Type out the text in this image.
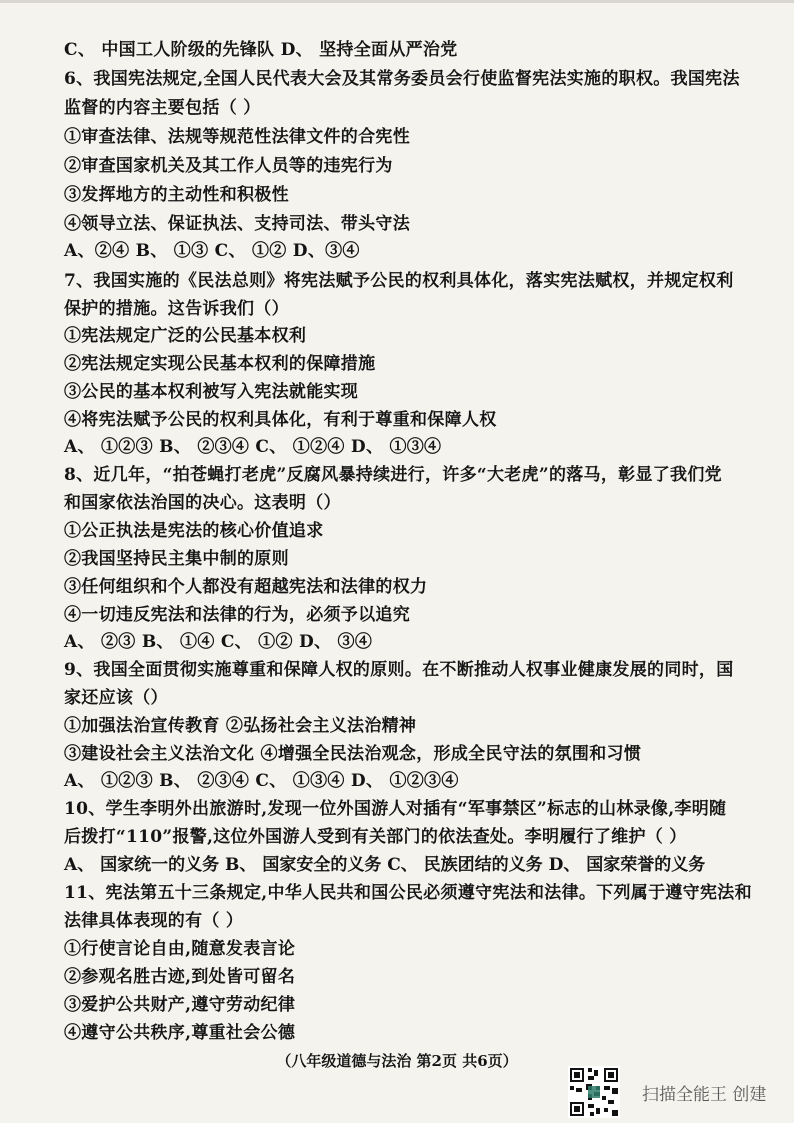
C、 中国工人阶级的先锋队 D、 坚持全面从严治党
6、我国宪法规定,全国人民代表大会及其常务委员会行使监督宪法实施的职权。我国宪法
监督的内容主要包括（ ）
①审查法律、法规等规范性法律文件的合宪性
②审查国家机关及其工作人员等的违宪行为
③发挥地方的主动性和积极性
④领导立法、保证执法、支持司法、带头守法
A、②④ B、 ①③ C、 ①② D、③④
7、我国实施的《民法总则》将宪法赋予公民的权利具体化，落实宪法赋权，并规定权利
保护的措施。这告诉我们（）
①宪法规定广泛的公民基本权利
②宪法规定实现公民基本权利的保障措施
③公民的基本权利被写入宪法就能实现
④将宪法赋予公民的权利具体化，有利于尊重和保障人权
A、 ①②③ B、 ②③④ C、 ①②④ D、 ①③④
8、近几年，“拍苍蝇打老虎”反腐风暴持续进行，许多“大老虎”的落马，彰显了我们党
和国家依法治国的决心。这表明（）
①公正执法是宪法的核心价值追求
②我国坚持民主集中制的原则
③任何组织和个人都没有超越宪法和法律的权力
④一切违反宪法和法律的行为，必须予以追究
A、 ②③ B、 ①④ C、 ①② D、 ③④
9、我国全面贯彻实施尊重和保障人权的原则。在不断推动人权事业健康发展的同时，国
家还应该（）
①加强法治宣传教育 ②弘扬社会主义法治精神
③建设社会主义法治文化 ④增强全民法治观念，形成全民守法的氛围和习惯
A、 ①②③ B、 ②③④ C、 ①③④ D、 ①②③④
10、学生李明外出旅游时,发现一位外国游人对插有“军事禁区”标志的山林录像,李明随
后拨打“110”报警,这位外国游人受到有关部门的依法查处。李明履行了维护（ ）
A、 国家统一的义务 B、 国家安全的义务 C、 民族团结的义务 D、 国家荣誉的义务
11、宪法第五十三条规定,中华人民共和国公民必须遵守宪法和法律。下列属于遵守宪法和
法律具体表现的有（ ）
①行使言论自由,随意发表言论
②参观名胜古迹,到处皆可留名
③爱护公共财产,遵守劳动纪律
④遵守公共秩序,尊重社会公德
（八年级道德与法治 第2页 共6页）
扫描全能王 创建
